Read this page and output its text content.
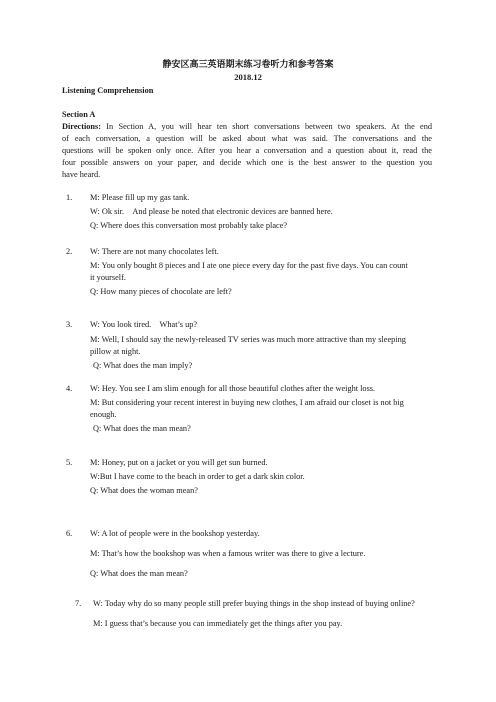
静安区高三英语期末练习卷听力和参考答案
2018.12
Listening Comprehension
Section A
Directions: In Section A, you will hear ten short conversations between two speakers. At the end
of each conversation, a question will be asked about what was said. The conversations and the
questions will be spoken only once. After you hear a conversation and a question about it, read the
four possible answers on your paper, and decide which one is the best answer to the question you
have heard.
1. M: Please fill up my gas tank.
W: Ok sir.　And please be noted that electronic devices are banned here.
Q: Where does this conversation most probably take place?
2. W: There are not many chocolates left.
M: You only bought 8 pieces and I ate one piece every day for the past five days. You can count
it yourself.
Q: How many pieces of chocolate are left?
3. W: You look tired.　What’s up?
M: Well, I should say the newly-released TV series was much more attractive than my sleeping
pillow at night.
Q: What does the man imply?
4. W: Hey. You see I am slim enough for all those beautiful clothes after the weight loss.
M: But considering your recent interest in buying new clothes, I am afraid our closet is not big
enough.
Q: What does the man mean?
5. M: Honey, put on a jacket or you will get sun burned.
W:But I have come to the beach in order to get a dark skin color.
Q: What does the woman mean?
6. W: A lot of people were in the bookshop yesterday.
M: That’s how the bookshop was when a famous writer was there to give a lecture.
Q: What does the man mean?
7. W: Today why do so many people still prefer buying things in the shop instead of buying online?
M: I guess that’s because you can immediately get the things after you pay.
